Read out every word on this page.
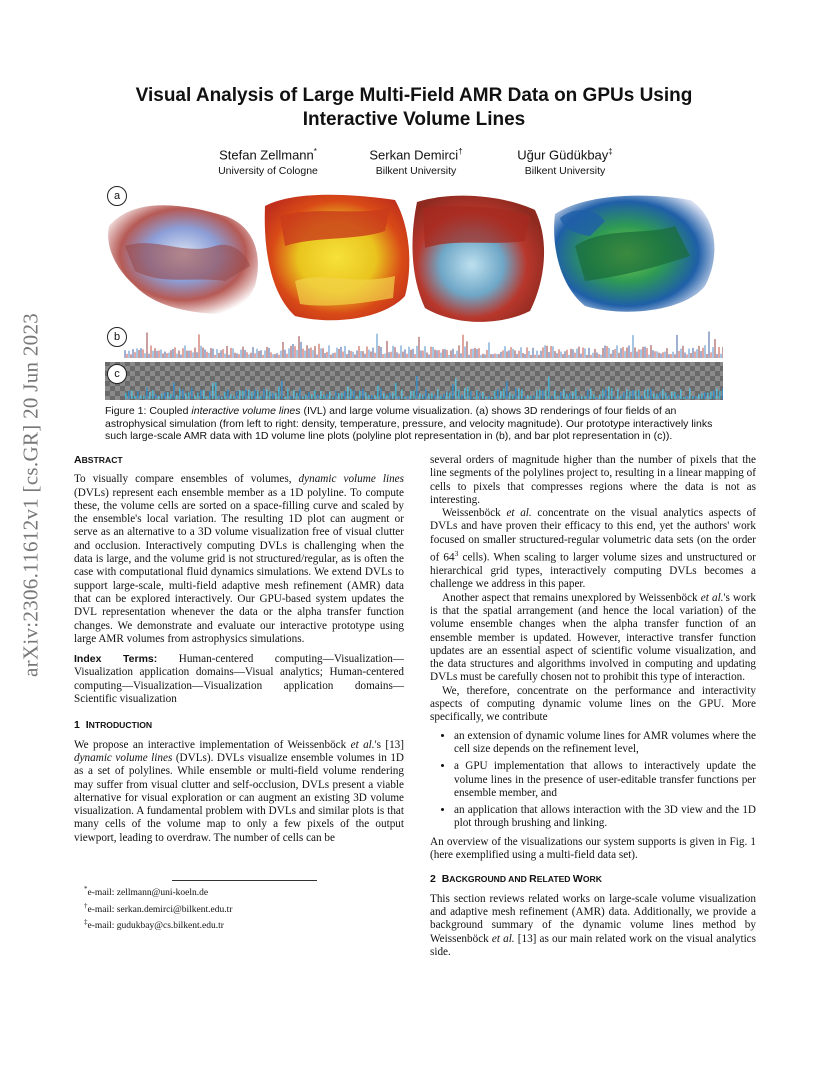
arXiv:2306.11612v1 [cs.GR] 20 Jun 2023
Visual Analysis of Large Multi-Field AMR Data on GPUs Using
Interactive Volume Lines
Stefan Zellmann*
University of Cologne
Serkan Demirci†
Bilkent University
Uğur Güdükbay‡
Bilkent University
a
b
c
Figure 1: Coupled interactive volume lines (IVL) and large volume visualization. (a) shows 3D renderings of four fields of an astrophysical simulation (from left to right: density, temperature, pressure, and velocity magnitude). Our prototype interactively links such large-scale AMR data with 1D volume line plots (polyline plot representation in (b), and bar plot representation in (c)).
ABSTRACT

To visually compare ensembles of volumes, dynamic volume lines (DVLs) represent each ensemble member as a 1D polyline. To compute these, the volume cells are sorted on a space-filling curve and scaled by the ensemble's local variation. The resulting 1D plot can augment or serve as an alternative to a 3D volume visualization free of visual clutter and occlusion. Interactively computing DVLs is challenging when the data is large, and the volume grid is not structured/regular, as is often the case with computational fluid dynamics simulations. We extend DVLs to support large-scale, multi-field adaptive mesh refinement (AMR) data that can be explored interactively. Our GPU-based system updates the DVL representation whenever the data or the alpha transfer function changes. We demonstrate and evaluate our interactive prototype using large AMR volumes from astrophysics simulations.

Index Terms: Human-centered computing—Visualization—Visualization application domains—Visual analytics; Human-centered computing—Visualization—Visualization application domains—Scientific visualization

1 INTRODUCTION

We propose an interactive implementation of Weissenböck et al.'s [13] dynamic volume lines (DVLs). DVLs visualize ensemble volumes in 1D as a set of polylines. While ensemble or multi-field volume rendering may suffer from visual clutter and self-occlusion, DVLs present a viable alternative for visual exploration or can augment an existing 3D volume visualization. A fundamental problem with DVLs and similar plots is that many cells of the volume map to only a few pixels of the output viewport, leading to overdraw. The number of cells can be

*e-mail: zellmann@uni-koeln.de
†e-mail: serkan.demirci@bilkent.edu.tr
‡e-mail: gudukbay@cs.bilkent.edu.tr

several orders of magnitude higher than the number of pixels that the line segments of the polylines project to, resulting in a linear mapping of cells to pixels that compresses regions where the data is not as interesting.

Weissenböck et al. concentrate on the visual analytics aspects of DVLs and have proven their efficacy to this end, yet the authors' work focused on smaller structured-regular volumetric data sets (on the order of $64^3$ cells). When scaling to larger volume sizes and unstructured or hierarchical grid types, interactively computing DVLs becomes a challenge we address in this paper.

Another aspect that remains unexplored by Weissenböck et al.'s work is that the spatial arrangement (and hence the local variation) of the volume ensemble changes when the alpha transfer function of an ensemble member is updated. However, interactive transfer function updates are an essential aspect of scientific volume visualization, and the data structures and algorithms involved in computing and updating DVLs must be carefully chosen not to prohibit this type of interaction.

We, therefore, concentrate on the performance and interactivity aspects of computing dynamic volume lines on the GPU. More specifically, we contribute

• an extension of dynamic volume lines for AMR volumes where the cell size depends on the refinement level,
• a GPU implementation that allows to interactively update the volume lines in the presence of user-editable transfer functions per ensemble member, and
• an application that allows interaction with the 3D view and the 1D plot through brushing and linking.

An overview of the visualizations our system supports is given in Fig. 1 (here exemplified using a multi-field data set).

2 BACKGROUND AND RELATED WORK

This section reviews related works on large-scale volume visualization and adaptive mesh refinement (AMR) data. Additionally, we provide a background summary of the dynamic volume lines method by Weissenböck et al. [13] as our main related work on the visual analytics side.
